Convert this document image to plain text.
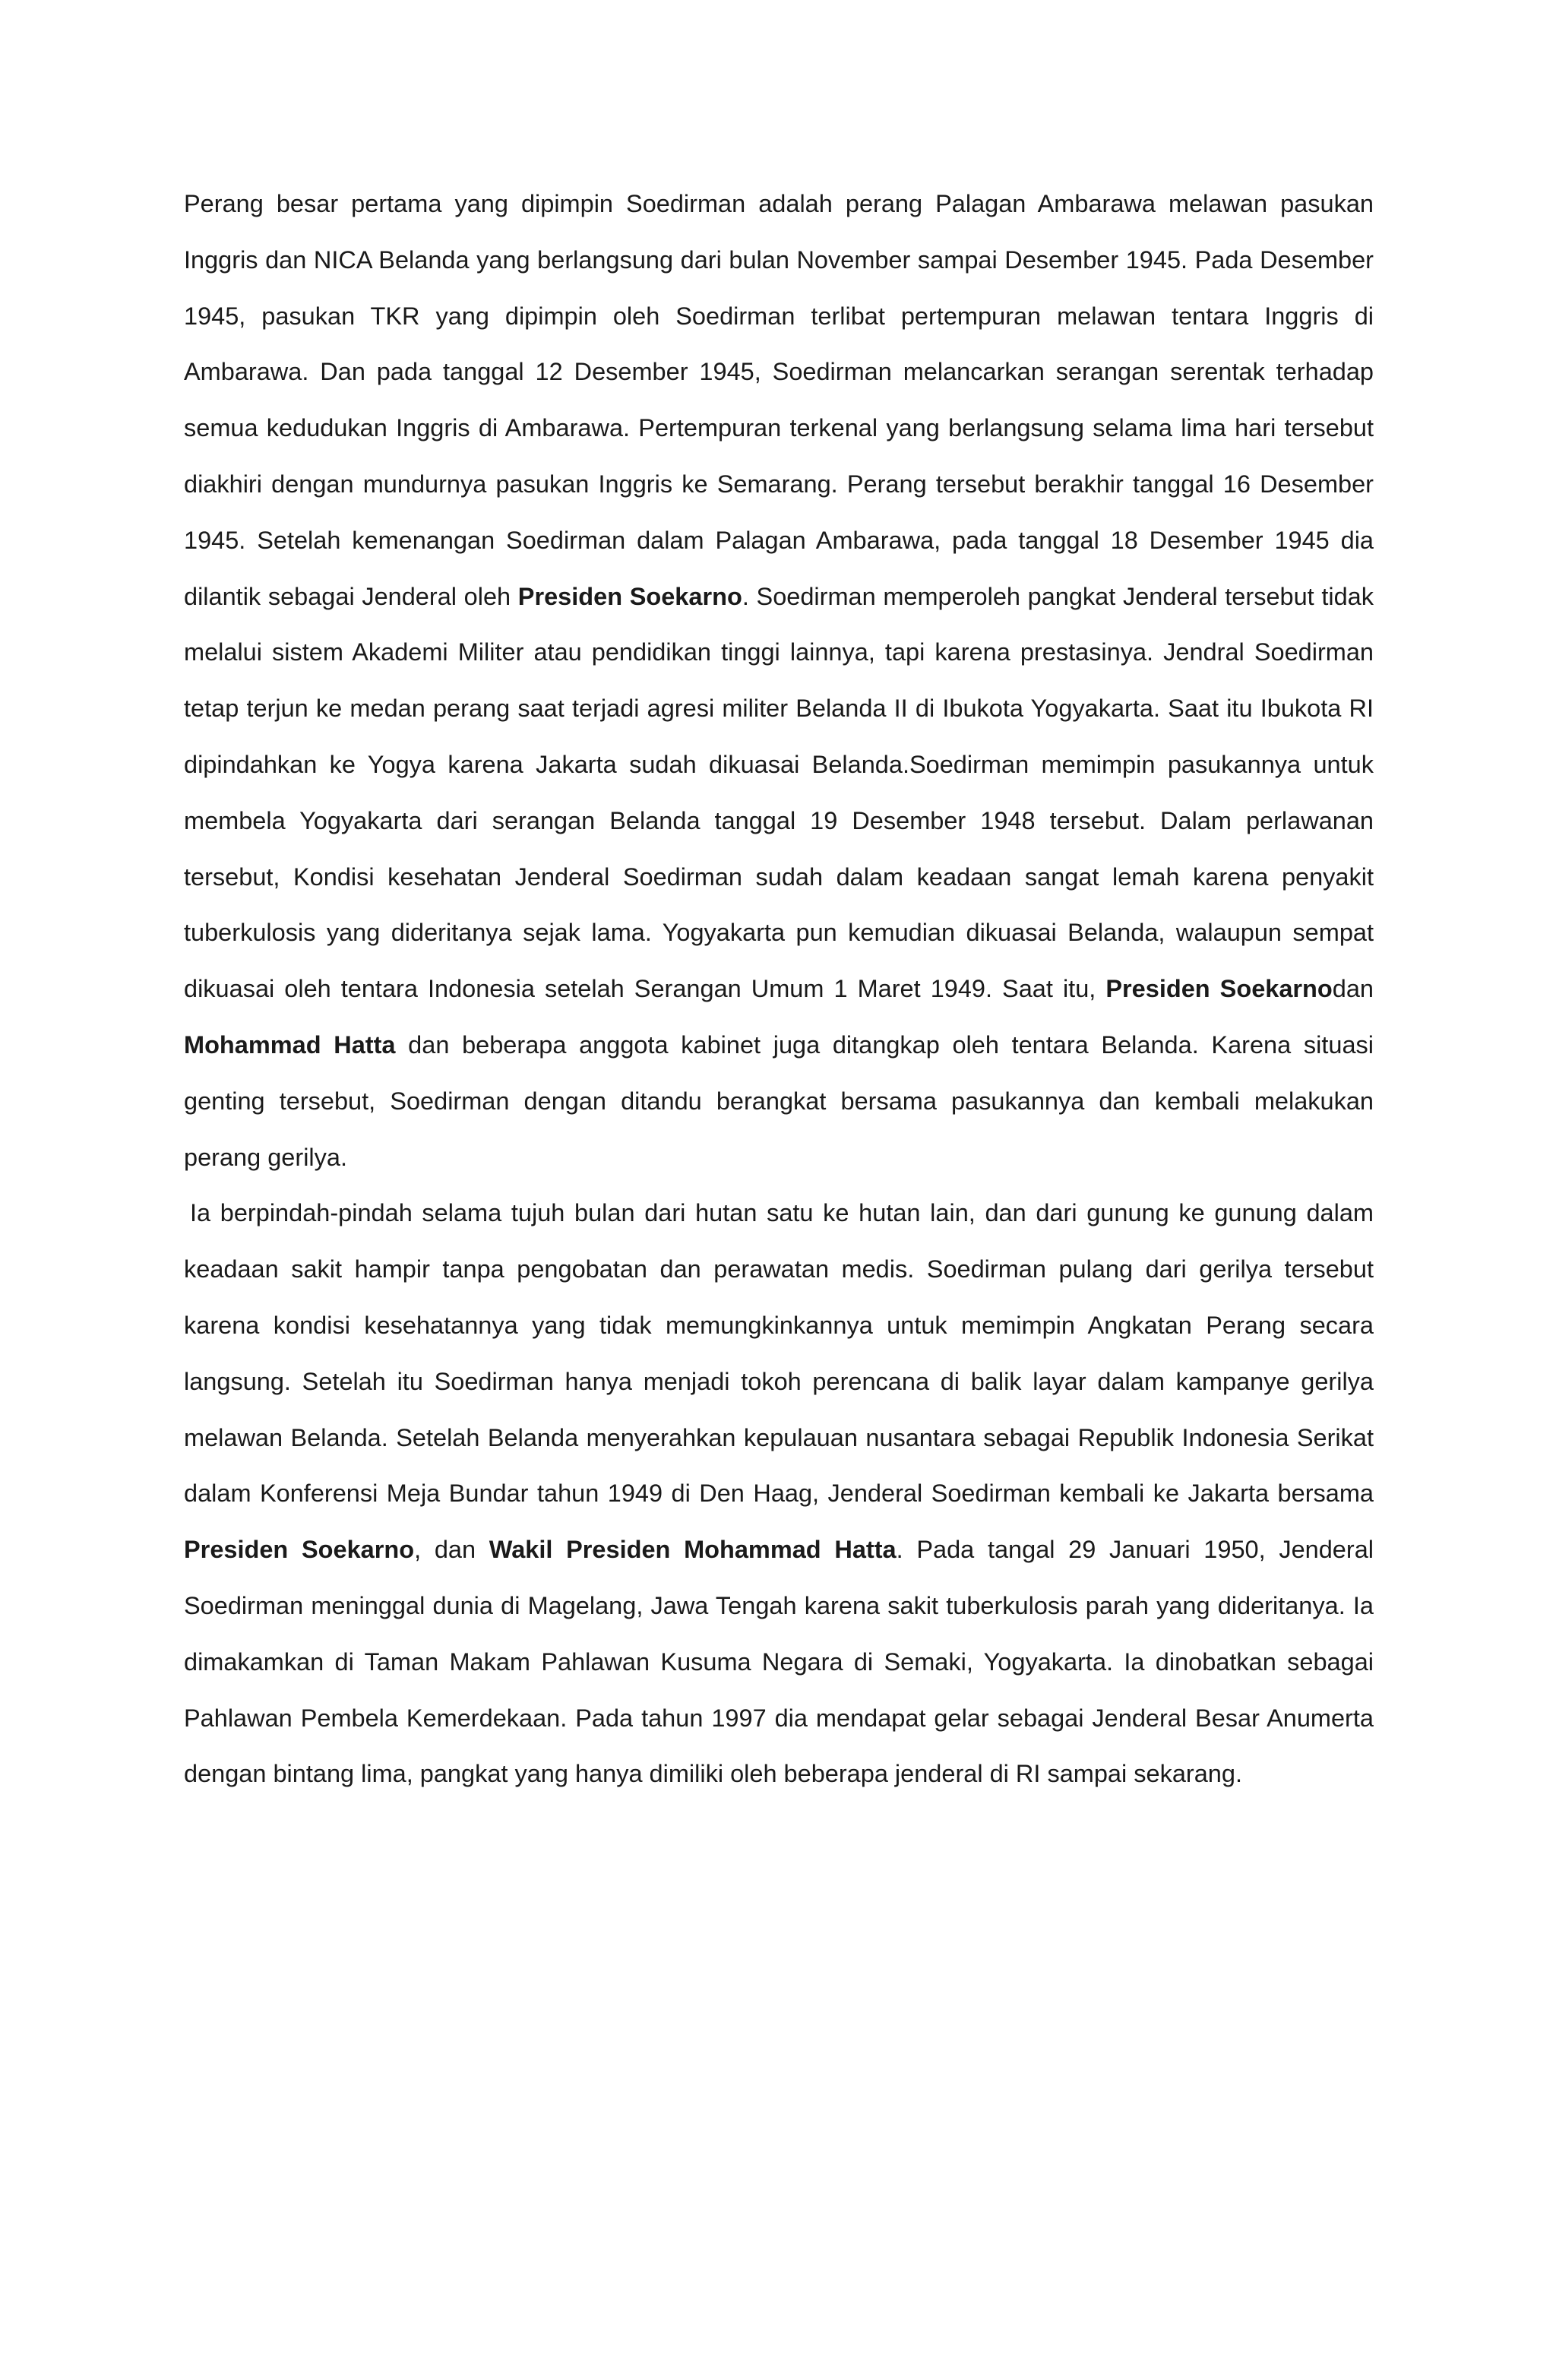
Perang besar pertama yang dipimpin Soedirman adalah perang Palagan Ambarawa melawan pasukan Inggris dan NICA Belanda yang berlangsung dari bulan November sampai Desember 1945. Pada Desember 1945, pasukan TKR yang dipimpin oleh Soedirman terlibat pertempuran melawan tentara Inggris di Ambarawa. Dan pada tanggal 12 Desember 1945, Soedirman melancarkan serangan serentak terhadap semua kedudukan Inggris di Ambarawa. Pertempuran terkenal yang berlangsung selama lima hari tersebut diakhiri dengan mundurnya pasukan Inggris ke Semarang. Perang tersebut berakhir tanggal 16 Desember 1945. Setelah kemenangan Soedirman dalam Palagan Ambarawa, pada tanggal 18 Desember 1945 dia dilantik sebagai Jenderal oleh Presiden Soekarno. Soedirman memperoleh pangkat Jenderal tersebut tidak melalui sistem Akademi Militer atau pendidikan tinggi lainnya, tapi karena prestasinya. Jendral Soedirman tetap terjun ke medan perang saat terjadi agresi militer Belanda II di Ibukota Yogyakarta. Saat itu Ibukota RI dipindahkan ke Yogya karena Jakarta sudah dikuasai Belanda.Soedirman memimpin pasukannya untuk membela Yogyakarta dari serangan Belanda tanggal 19 Desember 1948 tersebut. Dalam perlawanan tersebut, Kondisi kesehatan Jenderal Soedirman sudah dalam keadaan sangat lemah karena penyakit tuberkulosis yang dideritanya sejak lama. Yogyakarta pun kemudian dikuasai Belanda, walaupun sempat dikuasai oleh tentara Indonesia setelah Serangan Umum 1 Maret 1949. Saat itu, Presiden Soekarnodan Mohammad Hatta dan beberapa anggota kabinet juga ditangkap oleh tentara Belanda. Karena situasi genting tersebut, Soedirman dengan ditandu berangkat bersama pasukannya dan kembali melakukan perang gerilya.

Ia berpindah-pindah selama tujuh bulan dari hutan satu ke hutan lain, dan dari gunung ke gunung dalam keadaan sakit hampir tanpa pengobatan dan perawatan medis. Soedirman pulang dari gerilya tersebut karena kondisi kesehatannya yang tidak memungkinkannya untuk memimpin Angkatan Perang secara langsung. Setelah itu Soedirman hanya menjadi tokoh perencana di balik layar dalam kampanye gerilya melawan Belanda. Setelah Belanda menyerahkan kepulauan nusantara sebagai Republik Indonesia Serikat dalam Konferensi Meja Bundar tahun 1949 di Den Haag, Jenderal Soedirman kembali ke Jakarta bersama Presiden Soekarno, dan Wakil Presiden Mohammad Hatta. Pada tangal 29 Januari 1950, Jenderal Soedirman meninggal dunia di Magelang, Jawa Tengah karena sakit tuberkulosis parah yang dideritanya. Ia dimakamkan di Taman Makam Pahlawan Kusuma Negara di Semaki, Yogyakarta. Ia dinobatkan sebagai Pahlawan Pembela Kemerdekaan. Pada tahun 1997 dia mendapat gelar sebagai Jenderal Besar Anumerta dengan bintang lima, pangkat yang hanya dimiliki oleh beberapa jenderal di RI sampai sekarang.
